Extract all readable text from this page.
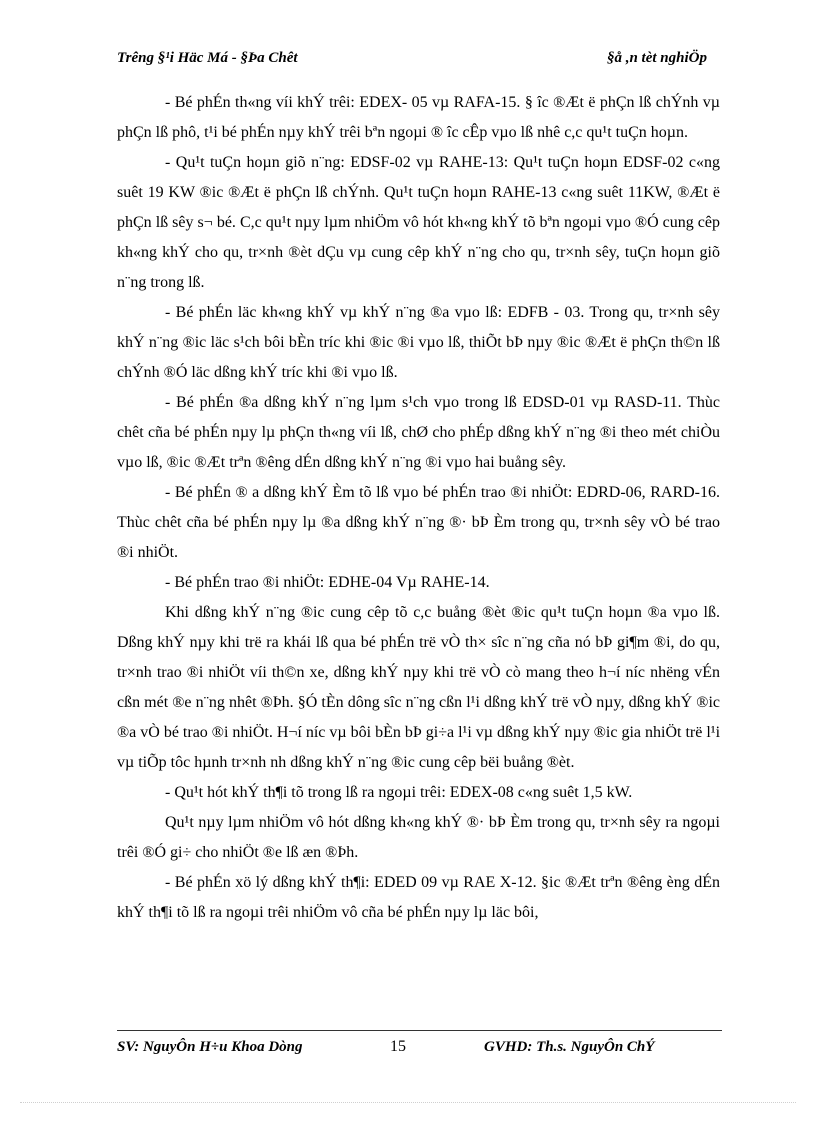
Trêng §¹i Häc Má - §Þa Chêt	§å ,n tèt nghiÖp

- Bé phÉn th«ng víi khÝ trêi: EDEX- 05 vµ RAFA-15. § îc ®Æt ë phÇn lß chÝnh vµ phÇn lß phô, t¹i bé phÉn nµy khÝ trêi bªn ngoµi ® îc cÊp vµo lß nhê c,c qu¹t tuÇn hoµn.

- Qu¹t tuÇn hoµn giõ n¨ng: EDSF-02 vµ RAHE-13: Qu¹t tuÇn hoµn EDSF-02 c«ng suêt 19 KW ®ic ®Æt ë phÇn lß chÝnh. Qu¹t tuÇn hoµn RAHE-13 c«ng suêt 11KW, ®Æt ë phÇn lß sêy s¬ bé. C,c qu¹t nµy lµm nhiÖm vô hót kh«ng khÝ tõ bªn ngoµi vµo ®Ó cung cêp kh«ng khÝ cho qu, tr×nh ®èt dÇu vµ cung cêp khÝ n¨ng cho qu, tr×nh sêy, tuÇn hoµn giõ n¨ng trong lß.

- Bé phÉn läc kh«ng khÝ vµ khÝ n¨ng ®a vµo lß: EDFB - 03. Trong qu, tr×nh sêy khÝ n¨ng ®ic läc s¹ch bôi bÈn tríc khi ®ic ®i vµo lß, thiÕt bÞ nµy ®ic ®Æt ë phÇn th©n lß chÝnh ®Ó läc dßng khÝ tríc khi ®i vµo lß.

- Bé phÉn ®a dßng khÝ n¨ng lµm s¹ch vµo trong lß EDSD-01 vµ RASD-11. Thùc chêt cña bé phÉn nµy lµ phÇn th«ng víi lß, chØ cho phÉp dßng khÝ n¨ng ®i theo mét chiÒu vµo lß, ®ic ®Æt trªn ®êng dÉn dßng khÝ n¨ng ®i vµo hai buång sêy.

- Bé phÉn ® a dßng khÝ Èm tõ lß vµo bé phÉn trao ®i nhiÖt: EDRD-06, RARD-16. Thùc chêt cña bé phÉn nµy lµ ®a dßng khÝ n¨ng ®· bÞ Èm trong qu, tr×nh sêy vÒ bé trao ®i nhiÖt.

- Bé phÉn trao ®i nhiÖt: EDHE-04 Vµ RAHE-14.

Khi dßng khÝ n¨ng ®ic cung cêp tõ c,c buång ®èt ®ic qu¹t tuÇn hoµn ®a vµo lß. Dßng khÝ nµy khi trë ra khái lß qua bé phÉn trë vÒ th× sîc n¨ng cña nó bÞ gi¶m ®i, do qu, tr×nh trao ®i nhiÖt víi th©n xe, dßng khÝ nµy khi trë vÒ cò mang theo h¬í níc nhëng vÉn cßn mét ®e n¨ng nhêt ®Þh. §Ó tÈn dông sîc n¨ng cßn l¹i dßng khÝ trë vÒ nµy, dßng khÝ ®ic ®a vÒ bé trao ®i nhiÖt. H¬í níc vµ bôi bÈn bÞ gi÷a l¹i vµ dßng khÝ nµy ®ic gia nhiÖt trë l¹i vµ tiÕp tôc hµnh tr×nh nh dßng khÝ n¨ng ®ic cung cêp bëi buång ®èt.

- Qu¹t hót khÝ th¶i tõ trong lß ra ngoµi trêi: EDEX-08 c«ng suêt 1,5 kW.

Qu¹t nµy lµm nhiÖm vô hót dßng kh«ng khÝ ®· bÞ Èm trong qu, tr×nh sêy ra ngoµi trêi ®Ó gi÷ cho nhiÖt ®e lß æn ®Þh.

- Bé phÉn xö lý dßng khÝ th¶i: EDED 09 vµ RAE X-12. §ic ®Æt trªn ®êng èng dÉn khÝ th¶i tõ lß ra ngoµi trêi nhiÖm vô cña bé phÉn nµy lµ läc bôi,

SV: NguyÔn H÷u Khoa Dòng	15	GVHD: Th.s. NguyÔn ChÝ
